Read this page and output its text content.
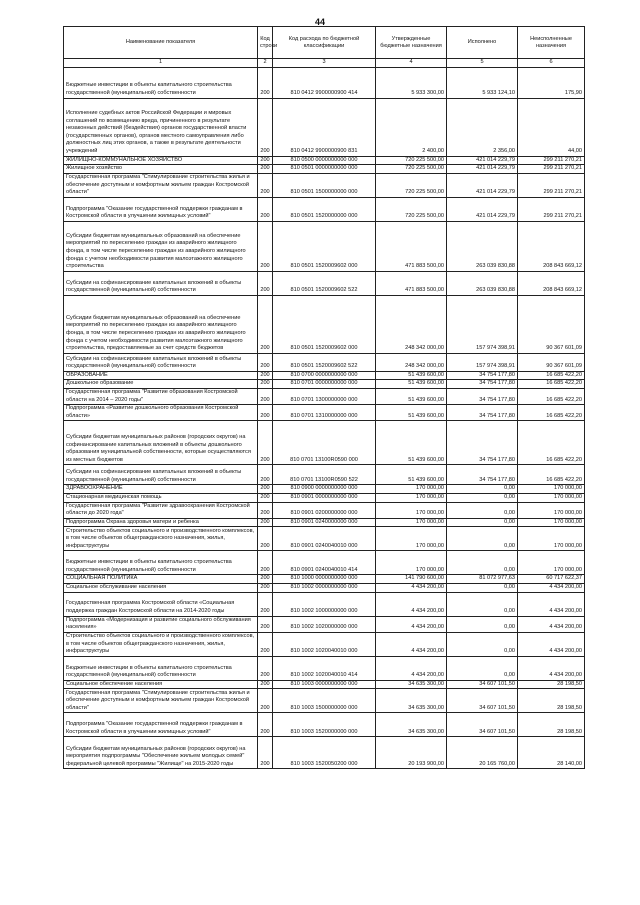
44
Наименование показателя	Код строки	Код расхода по бюджетной классификации	Утвержденные бюджетные назначения	Исполнено	Неисполненные назначения
1	2	3	4	5	6
Бюджетные инвестиции в объекты капитального строительства государственной (муниципальной) собственности	200	810 0412 9900000900 414	5 933 300,00	5 933 124,10	175,90
Исполнение судебных актов Российской Федерации и мировых соглашений по возмещению вреда, причиненного в результате незаконных действий (бездействия) органов государственной власти (государственных органов), органов местного самоуправления либо должностных лиц этих органов, а также в результате деятельности учреждений	200	810 0412 9900000900 831	2 400,00	2 356,00	44,00
ЖИЛИЩНО-КОММУНАЛЬНОЕ ХОЗЯЙСТВО	200	810 0500 0000000000 000	720 225 500,00	421 014 229,79	299 211 270,21
Жилищное хозяйство	200	810 0501 0000000000 000	720 225 500,00	421 014 229,79	299 211 270,21
Государственная программа "Стимулирование строительства жилья и обеспечение доступным и комфортным жильем граждан Костромской области"	200	810 0501 1500000000 000	720 225 500,00	421 014 229,79	299 211 270,21
Подпрограмма "Оказание государственной поддержки гражданам в Костромской области в улучшении жилищных условий"	200	810 0501 1520000000 000	720 225 500,00	421 014 229,79	299 211 270,21
Субсидии бюджетам муниципальных образований на обеспечение мероприятий по переселению граждан из аварийного жилищного фонда, в том числе переселению граждан из аварийного жилищного фонда с учетом необходимости развития малоэтажного жилищного строительства	200	810 0501 1520009602 000	471 883 500,00	263 039 830,88	208 843 669,12
Субсидии на софинансирование капитальных вложений в объекты государственной (муниципальной) собственности	200	810 0501 1520009602 522	471 883 500,00	263 039 830,88	208 843 669,12
Субсидии бюджетам муниципальных образований на обеспечение мероприятий по переселению граждан из аварийного жилищного фонда, в том числе переселению граждан из аварийного жилищного фонда с учетом необходимости развития малоэтажного жилищного строительства, предоставляемые за счет средств бюджетов	200	810 0501 1520009602 000	248 342 000,00	157 974 398,91	90 367 601,09
Субсидии на софинансирование капитальных вложений в объекты государственной (муниципальной) собственности	200	810 0501 1520009602 522	248 342 000,00	157 974 398,91	90 367 601,09
ОБРАЗОВАНИЕ	200	810 0700 0000000000 000	51 439 600,00	34 754 177,80	16 685 422,20
Дошкольное образование	200	810 0701 0000000000 000	51 439 600,00	34 754 177,80	16 685 422,20
Государственная программа "Развитие образования Костромской области на 2014 – 2020 годы"	200	810 0701 1300000000 000	51 439 600,00	34 754 177,80	16 685 422,20
Подпрограмма «Развитие дошкольного образования Костромской области»	200	810 0701 1310000000 000	51 439 600,00	34 754 177,80	16 685 422,20
Субсидии бюджетам муниципальных районов (городских округов) на софинансирование капитальных вложений в объекты дошкольного образования муниципальной собственности, которые осуществляются из местных бюджетов	200	810 0701 13100R0590 000	51 439 600,00	34 754 177,80	16 685 422,20
Субсидии на софинансирование капитальных вложений в объекты государственной (муниципальной) собственности	200	810 0701 13100R0590 522	51 439 600,00	34 754 177,80	16 685 422,20
ЗДРАВООХРАНЕНИЕ	200	810 0900 0000000000 000	170 000,00	0,00	170 000,00
Стационарная медицинская помощь	200	810 0901 0000000000 000	170 000,00	0,00	170 000,00
Государственная программа "Развитие здравоохранения Костромской области до 2020 года"	200	810 0901 0200000000 000	170 000,00	0,00	170 000,00
Подпрограмма Охрана здоровья матери и ребенка	200	810 0901 0240000000 000	170 000,00	0,00	170 000,00
Строительство объектов социального и производственного комплексов, в том числе объектов общегражданского назначения, жилья, инфраструктуры	200	810 0901 0240040010 000	170 000,00	0,00	170 000,00
Бюджетные инвестиции в объекты капитального строительства государственной (муниципальной) собственности	200	810 0901 0240040010 414	170 000,00	0,00	170 000,00
СОЦИАЛЬНАЯ ПОЛИТИКА	200	810 1000 0000000000 000	141 790 600,00	81 072 977,63	60 717 622,37
Социальное обслуживание населения	200	810 1002 0000000000 000	4 434 200,00	0,00	4 434 200,00
Государственная программа Костромской области «Социальная поддержка граждан Костромской области на 2014-2020 годы	200	810 1002 1000000000 000	4 434 200,00	0,00	4 434 200,00
Подпрограмма «Модернизация и развитие социального обслуживания населения»	200	810 1002 1020000000 000	4 434 200,00	0,00	4 434 200,00
Строительство объектов социального и производственного комплексов, в том числе объектов общегражданского назначения, жилья, инфраструктуры	200	810 1002 1020040010 000	4 434 200,00	0,00	4 434 200,00
Бюджетные инвестиции в объекты капитального строительства государственной (муниципальной) собственности	200	810 1002 1020040010 414	4 434 200,00	0,00	4 434 200,00
Социальное обеспечение населения	200	810 1003 0000000000 000	34 635 300,00	34 607 101,50	28 198,50
Государственная программа "Стимулирование строительства жилья и обеспечение доступным и комфортным жильем граждан Костромской области"	200	810 1003 1500000000 000	34 635 300,00	34 607 101,50	28 198,50
Подпрограмма "Оказание государственной поддержки гражданам в Костромской области в улучшении жилищных условий"	200	810 1003 1520000000 000	34 635 300,00	34 607 101,50	28 198,50
Субсидии бюджетам муниципальных районов (городских округов) на мероприятия подпрограммы "Обеспечение жильем молодых семей" федеральной целевой программы "Жилище" на 2015-2020 годы	200	810 1003 1520050200 000	20 193 900,00	20 165 760,00	28 140,00
